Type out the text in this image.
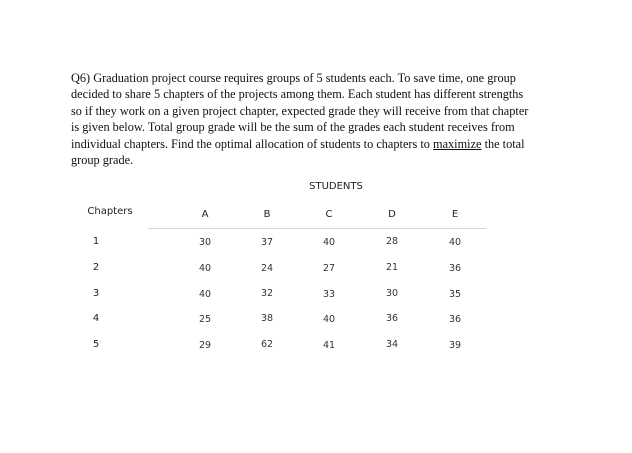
Q6) Graduation project course requires groups of 5 students each. To save time, one group
decided to share 5 chapters of the projects among them. Each student has different strengths
so if they work on a given project chapter, expected grade they will receive from that chapter
is given below. Total group grade will be the sum of the grades each student receives from
individual chapters. Find the optimal allocation of students to chapters to maximize the total
group grade.
STUDENTS
Chapters	A	B	C	D	E
1	30	37	40	28	40
2	40	24	27	21	36
3	40	32	33	30	35
4	25	38	40	36	36
5	29	62	41	34	39
